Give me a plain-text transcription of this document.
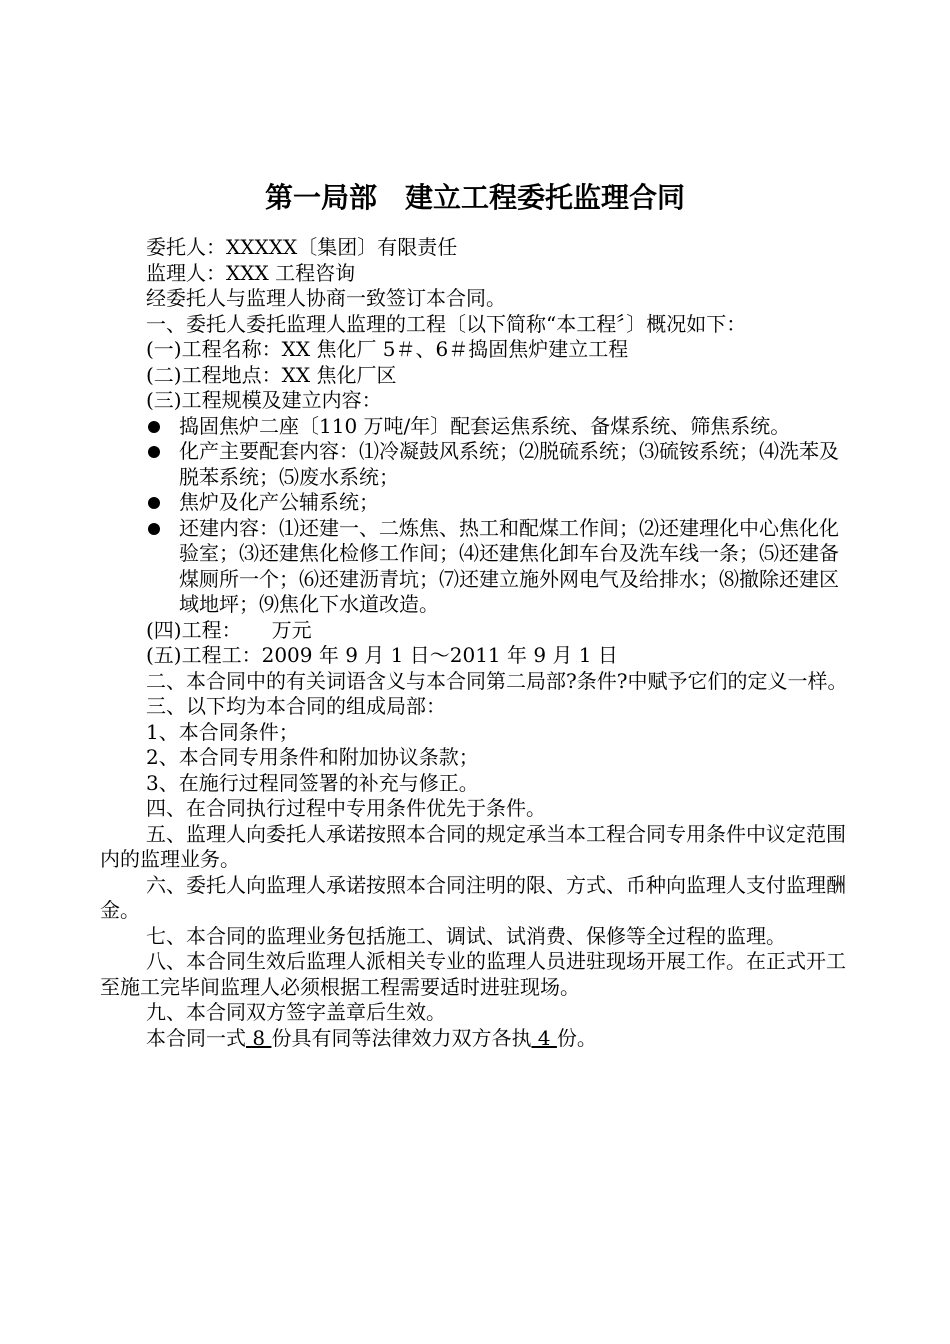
第一局部　建立工程委托监理合同

委托人：XXXXX〔集团〕有限责任

监理人：XXX 工程咨询

经委托人与监理人协商一致签订本合同。

一、委托人委托监理人监理的工程〔以下简称“本工程〞〕概况如下：

(一)工程名称：XX 焦化厂 5＃、6＃捣固焦炉建立工程

(二)工程地点：XX 焦化厂区

(三)工程规模及建立内容：

捣固焦炉二座〔110 万吨/年〕配套运焦系统、备煤系统、筛焦系统。
化产主要配套内容：⑴冷凝鼓风系统；⑵脱硫系统；⑶硫铵系统；⑷洗苯及脱苯系统；⑸废水系统；
焦炉及化产公辅系统；
还建内容：⑴还建一、二炼焦、热工和配煤工作间；⑵还建理化中心焦化化验室；⑶还建焦化检修工作间；⑷还建焦化卸车台及洗车线一条；⑸还建备煤厕所一个；⑹还建沥青坑；⑺还建立施外网电气及给排水；⑻撤除还建区域地坪；⑼焦化下水道改造。

(四)工程：　　万元

(五)工程工：2009 年 9 月 1 日～2011 年 9 月 1 日

二、本合同中的有关词语含义与本合同第二局部?条件?中赋予它们的定义一样。

三、以下均为本合同的组成局部：

1、本合同条件；

2、本合同专用条件和附加协议条款；

3、在施行过程同签署的补充与修正。

四、在合同执行过程中专用条件优先于条件。

五、监理人向委托人承诺按照本合同的规定承当本工程合同专用条件中议定范围内的监理业务。

六、委托人向监理人承诺按照本合同注明的限、方式、币种向监理人支付监理酬金。

七、本合同的监理业务包括施工、调试、试消费、保修等全过程的监理。

八、本合同生效后监理人派相关专业的监理人员进驻现场开展工作。在正式开工至施工完毕间监理人必须根据工程需要适时进驻现场。

九、本合同双方签字盖章后生效。

本合同一式 8 份具有同等法律效力双方各执 4 份。
